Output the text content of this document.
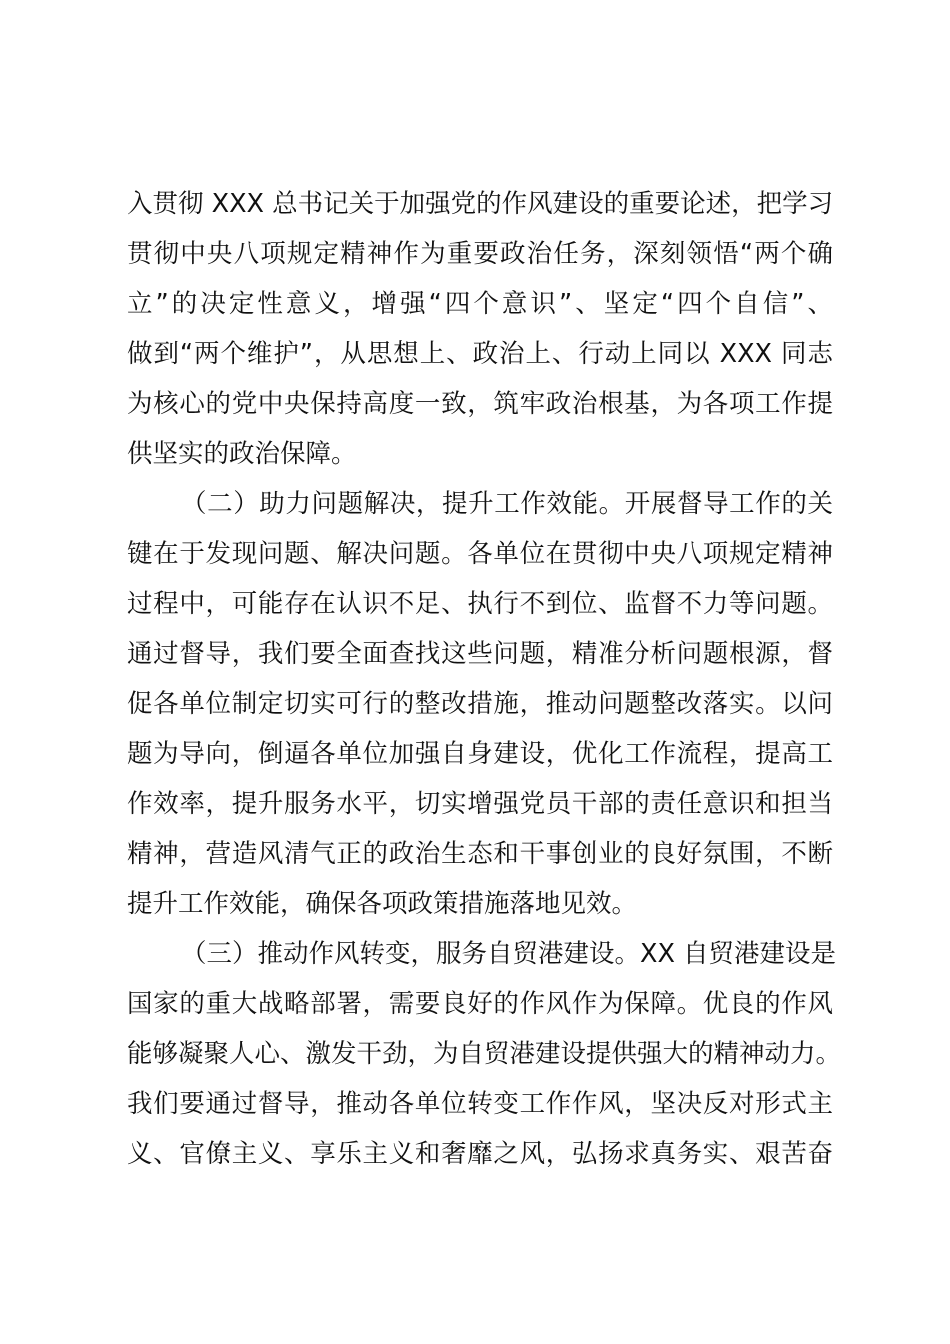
入贯彻 XXX 总书记关于加强党的作风建设的重要论述，把学习
贯彻中央八项规定精神作为重要政治任务，深刻领悟“两个确
立”的决定性意义，增强“四个意识”、坚定“四个自信”、
做到“两个维护”，从思想上、政治上、行动上同以 XXX 同志
为核心的党中央保持高度一致，筑牢政治根基，为各项工作提
供坚实的政治保障。
（二）助力问题解决，提升工作效能。开展督导工作的关
键在于发现问题、解决问题。各单位在贯彻中央八项规定精神
过程中，可能存在认识不足、执行不到位、监督不力等问题。
通过督导，我们要全面查找这些问题，精准分析问题根源，督
促各单位制定切实可行的整改措施，推动问题整改落实。以问
题为导向，倒逼各单位加强自身建设，优化工作流程，提高工
作效率，提升服务水平，切实增强党员干部的责任意识和担当
精神，营造风清气正的政治生态和干事创业的良好氛围，不断
提升工作效能，确保各项政策措施落地见效。
（三）推动作风转变，服务自贸港建设。XX 自贸港建设是
国家的重大战略部署，需要良好的作风作为保障。优良的作风
能够凝聚人心、激发干劲，为自贸港建设提供强大的精神动力。
我们要通过督导，推动各单位转变工作作风，坚决反对形式主
义、官僚主义、享乐主义和奢靡之风，弘扬求真务实、艰苦奋
